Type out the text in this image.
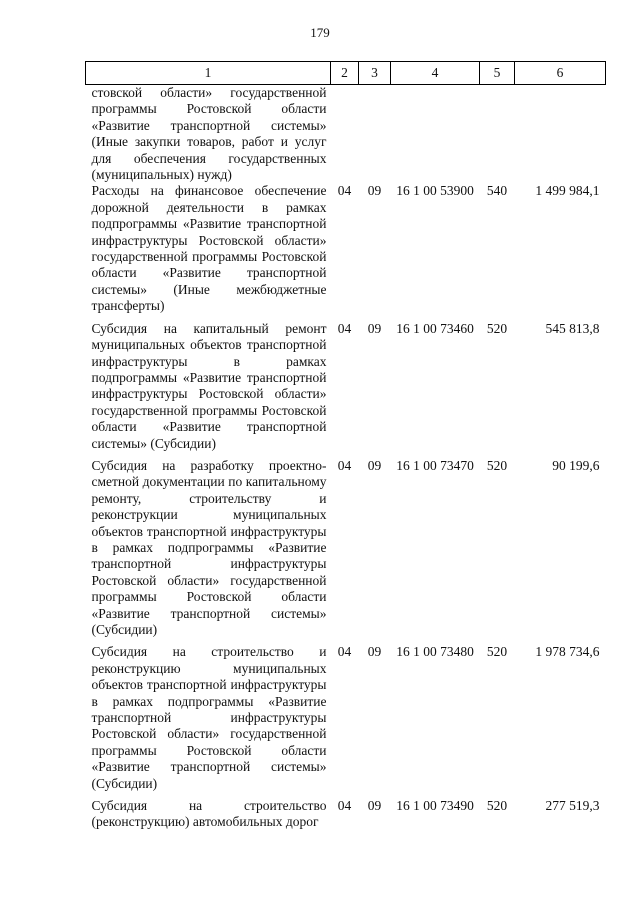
179
1	2	3	4	5	6
стовской области» государственной программы Ростовской области «Развитие транспортной системы» (Иные закупки товаров, работ и услуг для обеспечения государственных (муниципальных) нужд)					
Расходы на финансовое обеспечение дорожной деятельности в рамках подпрограммы «Развитие транспортной инфраструктуры Ростовской области» государственной программы Ростовской области «Развитие транспортной системы» (Иные межбюджетные трансферты)	04	09	16 1 00 53900	540	1 499 984,1
Субсидия на капитальный ремонт муниципальных объектов транспортной инфраструктуры в рамках подпрограммы «Развитие транспортной инфраструктуры Ростовской области» государственной программы Ростовской области «Развитие транспортной системы» (Субсидии)	04	09	16 1 00 73460	520	545 813,8
Субсидия на разработку проектно-сметной документации по капитальному ремонту, строительству и реконструкции муниципальных объектов транспортной инфраструктуры в рамках подпрограммы «Развитие транспортной инфраструктуры Ростовской области» государственной программы Ростовской области «Развитие транспортной системы» (Субсидии)	04	09	16 1 00 73470	520	90 199,6
Субсидия на строительство и реконструкцию муниципальных объектов транспортной инфраструктуры в рамках подпрограммы «Развитие транспортной инфраструктуры Ростовской области» государственной программы Ростовской области «Развитие транспортной системы» (Субсидии)	04	09	16 1 00 73480	520	1 978 734,6
Субсидия на строительство (реконструкцию) автомобильных дорог	04	09	16 1 00 73490	520	277 519,3
